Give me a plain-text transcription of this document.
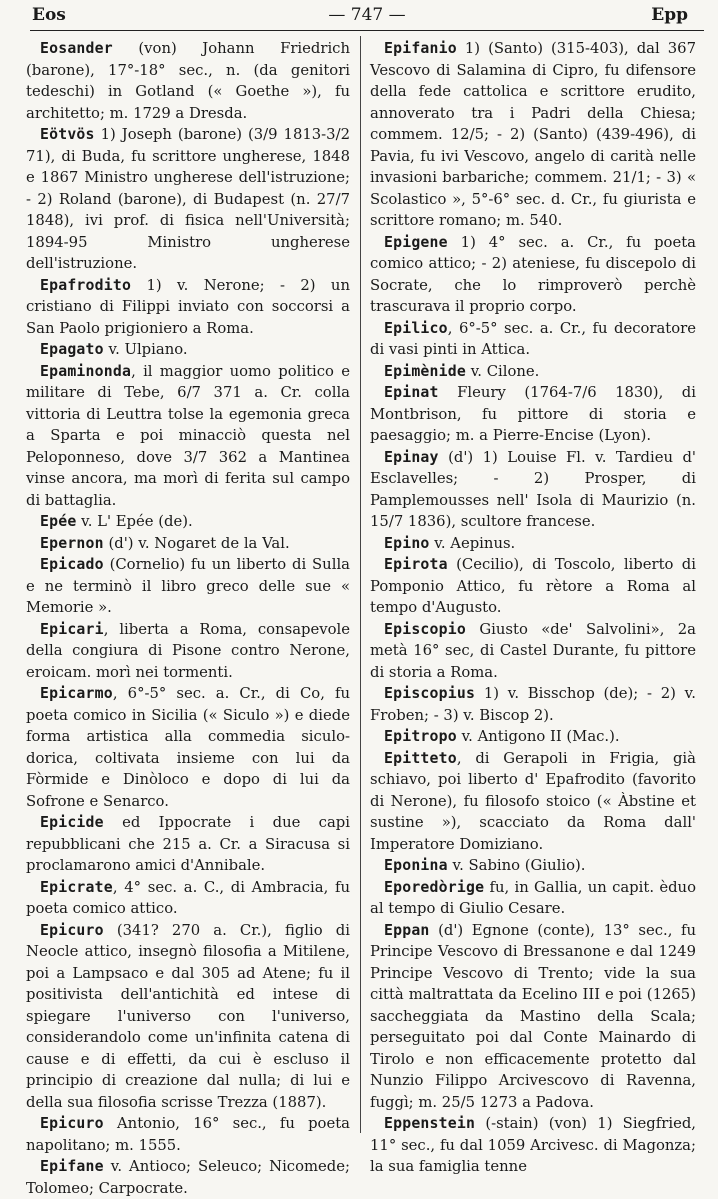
Eos	— 747 —	Epp

Eosander (von) Johann Friedrich (barone), 17°-18° sec., n. (da genitori tedeschi) in Gotland (« Goethe »), fu architetto; m. 1729 a Dresda.

Eötvös 1) Joseph (barone) (3/9 1813-3/2 71), di Buda, fu scrittore ungherese, 1848 e 1867 Ministro ungherese dell'istruzione; - 2) Roland (barone), di Budapest (n. 27/7 1848), ivi prof. di fisica nell'Università; 1894-95 Ministro ungherese dell'istruzione.

Epafrodito 1) v. Nerone; - 2) un cristiano di Filippi inviato con soccorsi a San Paolo prigioniero a Roma.

Epagato v. Ulpiano.

Epaminonda, il maggior uomo politico e militare di Tebe, 6/7 371 a. Cr. colla vittoria di Leuttra tolse la egemonia greca a Sparta e poi minacciò questa nel Peloponneso, dove 3/7 362 a Mantinea vinse ancora, ma morì di ferita sul campo di battaglia.

Epée v. L' Epée (de).

Epernon (d') v. Nogaret de la Val.

Epicado (Cornelio) fu un liberto di Sulla e ne terminò il libro greco delle sue « Memorie ».

Epicari, liberta a Roma, consapevole della congiura di Pisone contro Nerone, eroicam. morì nei tormenti.

Epicarmo, 6°-5° sec. a. Cr., di Co, fu poeta comico in Sicilia (« Siculo ») e diede forma artistica alla commedia siculo-dorica, coltivata insieme con lui da Fòrmide e Dinòloco e dopo di lui da Sofrone e Senarco.

Epicide ed Ippocrate i due capi repubblicani che 215 a. Cr. a Siracusa si proclamarono amici d'Annibale.

Epicrate, 4° sec. a. C., di Ambracia, fu poeta comico attico.

Epicuro (341? 270 a. Cr.), figlio di Neocle attico, insegnò filosofia a Mitilene, poi a Lampsaco e dal 305 ad Atene; fu il positivista dell'antichità ed intese di spiegare l'universo con l'universo, considerandolo come un'infinita catena di cause e di effetti, da cui è escluso il principio di creazione dal nulla; di lui e della sua filosofia scrisse Trezza (1887).

Epicuro Antonio, 16° sec., fu poeta napolitano; m. 1555.

Epifane v. Antioco; Seleuco; Nicomede; Tolomeo; Carpocrate.

Epifanio 1) (Santo) (315-403), dal 367 Vescovo di Salamina di Cipro, fu difensore della fede cattolica e scrittore erudito, annoverato tra i Padri della Chiesa; commem. 12/5; - 2) (Santo) (439-496), di Pavia, fu ivi Vescovo, angelo di carità nelle invasioni barbariche; commem. 21/1; - 3) « Scolastico », 5°-6° sec. d. Cr., fu giurista e scrittore romano; m. 540.

Epigene 1) 4° sec. a. Cr., fu poeta comico attico; - 2) ateniese, fu discepolo di Socrate, che lo rimproverò perchè trascurava il proprio corpo.

Epilico, 6°-5° sec. a. Cr., fu decoratore di vasi pinti in Attica.

Epimènide v. Cilone.

Epinat Fleury (1764-7/6 1830), di Montbrison, fu pittore di storia e paesaggio; m. a Pierre-Encise (Lyon).

Epinay (d') 1) Louise Fl. v. Tardieu d' Esclavelles; - 2) Prosper, di Pamplemousses nell' Isola di Maurizio (n. 15/7 1836), scultore francese.

Epino v. Aepinus.

Epirota (Cecilio), di Toscolo, liberto di Pomponio Attico, fu rètore a Roma al tempo d'Augusto.

Episcopio Giusto «de' Salvolini», 2a metà 16° sec, di Castel Durante, fu pittore di storia a Roma.

Episcopius 1) v. Bisschop (de); - 2) v. Froben; - 3) v. Biscop 2).

Epitropo v. Antigono II (Mac.).

Epitteto, di Gerapoli in Frigia, già schiavo, poi liberto d' Epafrodito (favorito di Nerone), fu filosofo stoico (« Àbstine et sustine »), scacciato da Roma dall' Imperatore Domiziano.

Eponina v. Sabino (Giulio).

Eporedòrige fu, in Gallia, un capit. èduo al tempo di Giulio Cesare.

Eppan (d') Egnone (conte), 13° sec., fu Principe Vescovo di Bressanone e dal 1249 Principe Vescovo di Trento; vide la sua città maltrattata da Ecelino III e poi (1265) saccheggiata da Mastino della Scala; perseguitato poi dal Conte Mainardo di Tirolo e non efficacemente protetto dal Nunzio Filippo Arcivescovo di Ravenna, fuggì; m. 25/5 1273 a Padova.

Eppenstein (-stain) (von) 1) Siegfried, 11° sec., fu dal 1059 Arcivesc. di Magonza; la sua famiglia tenne
